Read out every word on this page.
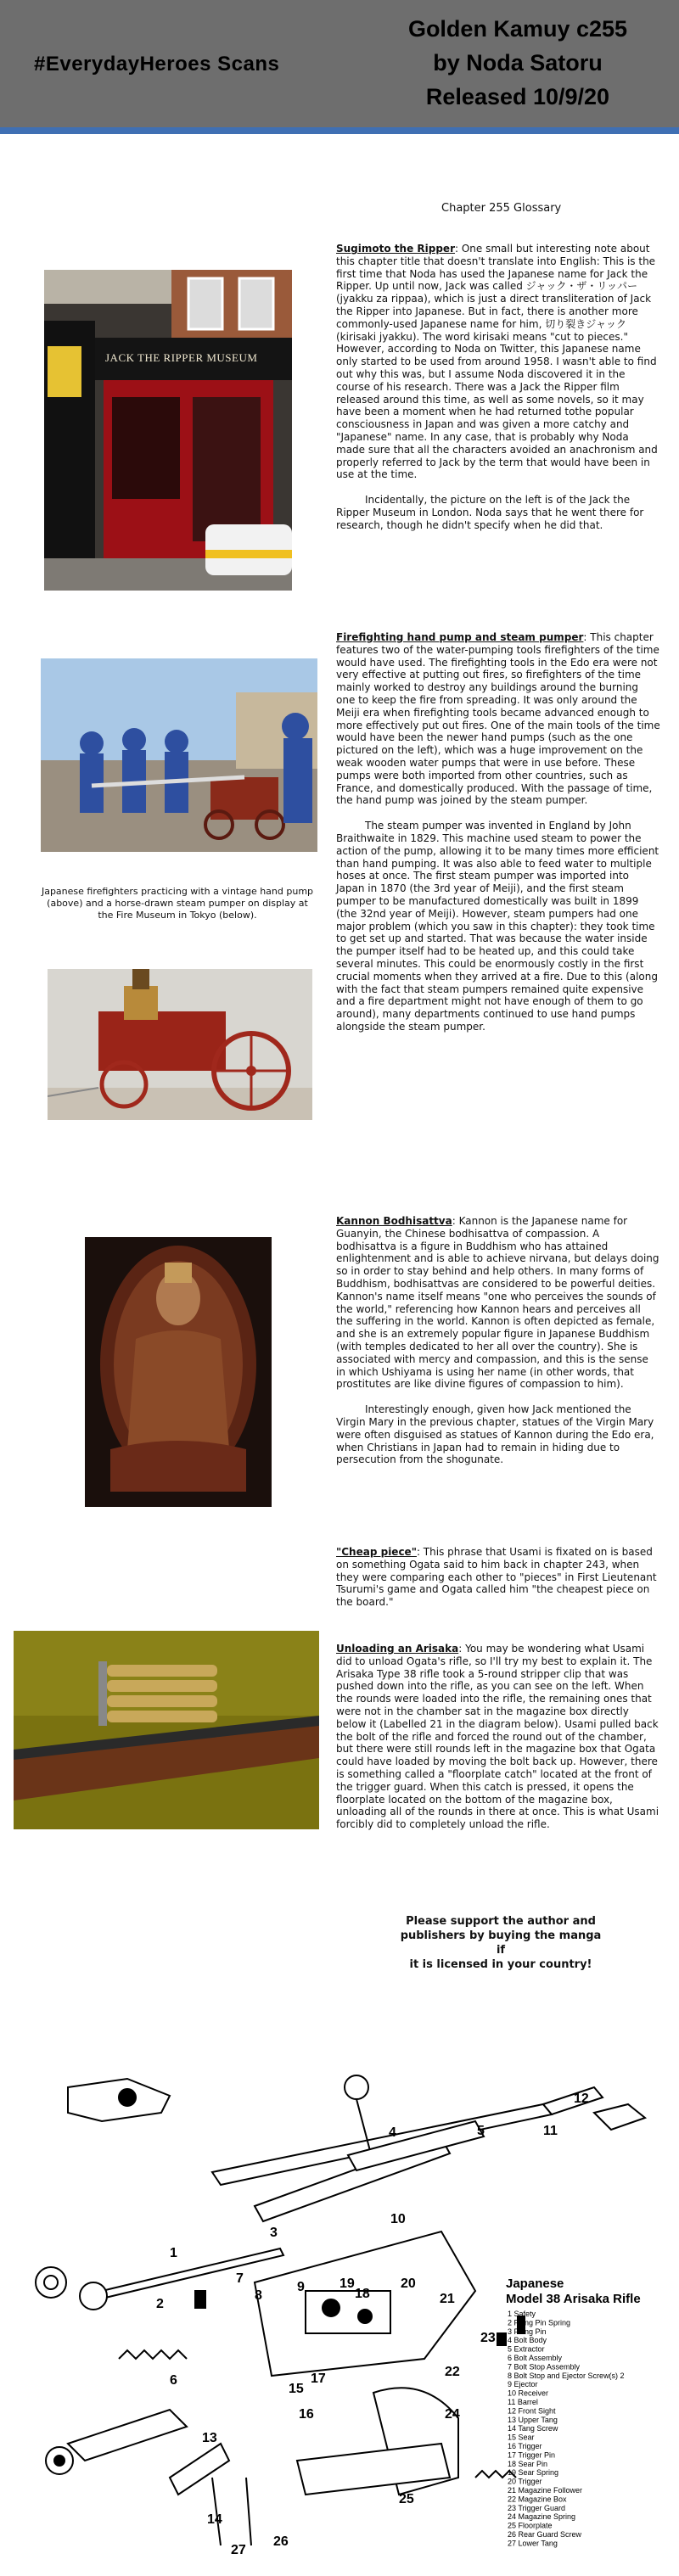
#EverydayHeroes Scans
Golden Kamuy c255
by Noda Satoru
Released 10/9/20
Chapter 255 Glossary
JACK THE RIPPER MUSEUM

Sugimoto the Ripper: One small but interesting note about this chapter title that doesn't translate into English: This is the first time that Noda has used the Japanese name for Jack the Ripper. Up until now, Jack was called ジャック・ザ・リッパー (jyakku za rippaa), which is just a direct transliteration of Jack the Ripper into Japanese. But in fact, there is another more commonly-used Japanese name for him, 切り裂きジャック (kirisaki jyakku). The word kirisaki means "cut to pieces." However, according to Noda on Twitter, this Japanese name only started to be used from around 1958. I wasn't able to find out why this was, but I assume Noda discovered it in the course of his research. There was a Jack the Ripper film released around this time, as well as some novels, so it may have been a moment when he had returned tothe popular consciousness in Japan and was given a more catchy and "Japanese" name. In any case, that is probably why Noda made sure that all the characters avoided an anachronism and properly referred to Jack by the term that would have been in use at the time.

Incidentally, the picture on the left is of the Jack the Ripper Museum in London. Noda says that he went there for research, though he didn't specify when he did that.

Japanese firefighters practicing with a vintage hand pump (above) and a horse-drawn steam pumper on display at the Fire Museum in Tokyo (below).

Firefighting hand pump and steam pumper: This chapter features two of the water-pumping tools firefighters of the time would have used. The firefighting tools in the Edo era were not very effective at putting out fires, so firefighters of the time mainly worked to destroy any buildings around the burning one to keep the fire from spreading. It was only around the Meiji era when firefighting tools became advanced enough to more effectively put out fires. One of the main tools of the time would have been the newer hand pumps (such as the one pictured on the left), which was a huge improvement on the weak wooden water pumps that were in use before. These pumps were both imported from other countries, such as France, and domestically produced. With the passage of time, the hand pump was joined by the steam pumper.

The steam pumper was invented in England by John Braithwaite in 1829. This machine used steam to power the action of the pump, allowing it to be many times more efficient than hand pumping. It was also able to feed water to multiple hoses at once. The first steam pumper was imported into Japan in 1870 (the 3rd year of Meiji), and the first steam pumper to be manufactured domestically was built in 1899 (the 32nd year of Meiji). However, steam pumpers had one major problem (which you saw in this chapter): they took time to get set up and started. That was because the water inside the pumper itself had to be heated up, and this could take several minutes. This could be enormously costly in the first crucial moments when they arrived at a fire. Due to this (along with the fact that steam pumpers remained quite expensive and a fire department might not have enough of them to go around), many departments continued to use hand pumps alongside the steam pumper.

Kannon Bodhisattva: Kannon is the Japanese name for Guanyin, the Chinese bodhisattva of compassion. A bodhisattva is a figure in Buddhism who has attained enlightenment and is able to achieve nirvana, but delays doing so in order to stay behind and help others. In many forms of Buddhism, bodhisattvas are considered to be powerful deities. Kannon's name itself means "one who perceives the sounds of the world," referencing how Kannon hears and perceives all the suffering in the world. Kannon is often depicted as female, and she is an extremely popular figure in Japanese Buddhism (with temples dedicated to her all over the country). She is associated with mercy and compassion, and this is the sense in which Ushiyama is using her name (in other words, that prostitutes are like divine figures of compassion to him).

Interestingly enough, given how Jack mentioned the Virgin Mary in the previous chapter, statues of the Virgin Mary were often disguised as statues of Kannon during the Edo era, when Christians in Japan had to remain in hiding due to persecution from the shogunate.

"Cheap piece": This phrase that Usami is fixated on is based on something Ogata said to him back in chapter 243, when they were comparing each other to "pieces" in First Lieutenant Tsurumi's game and Ogata called him "the cheapest piece on the board."

Unloading an Arisaka: You may be wondering what Usami did to unload Ogata's rifle, so I'll try my best to explain it. The Arisaka Type 38 rifle took a 5-round stripper clip that was pushed down into the rifle, as you can see on the left. When the rounds were loaded into the rifle, the remaining ones that were not in the chamber sat in the magazine box directly below it (Labelled 21 in the diagram below). Usami pulled back the bolt of the rifle and forced the round out of the chamber, but there were still rounds left in the magazine box that Ogata could have loaded by moving the bolt back up. However, there is something called a "floorplate catch" located at the front of the trigger guard. When this catch is pressed, it opens the floorplate located on the bottom of the magazine box, unloading all of the rounds in there at once. This is what Usami forcibly did to completely unload the rifle.

Please support the author and
publishers by buying the manga if
it is licensed in your country!
1
2
3
4	5
6
7
8
9
10
11
12
13
14
15
16
17
18
19	20
21
22
23
24
25
26
27
Japanese
Model 38 Arisaka Rifle
1 Safety
2 Firing Pin Spring
3 Firing Pin
4 Bolt Body
5 Extractor
6 Bolt Assembly
7 Bolt Stop Assembly
8 Bolt Stop and Ejector Screw(s) 2
9 Ejector
10 Receiver
11 Barrel
12 Front Sight
13 Upper Tang
14 Tang Screw
15 Sear
16 Trigger
17 Trigger Pin
18 Sear Pin
19 Sear Spring
20 Trigger
21 Magazine Follower
22 Magazine Box
23 Trigger Guard
24 Magazine Spring
25 Floorplate
26 Rear Guard Screw
27 Lower Tang
